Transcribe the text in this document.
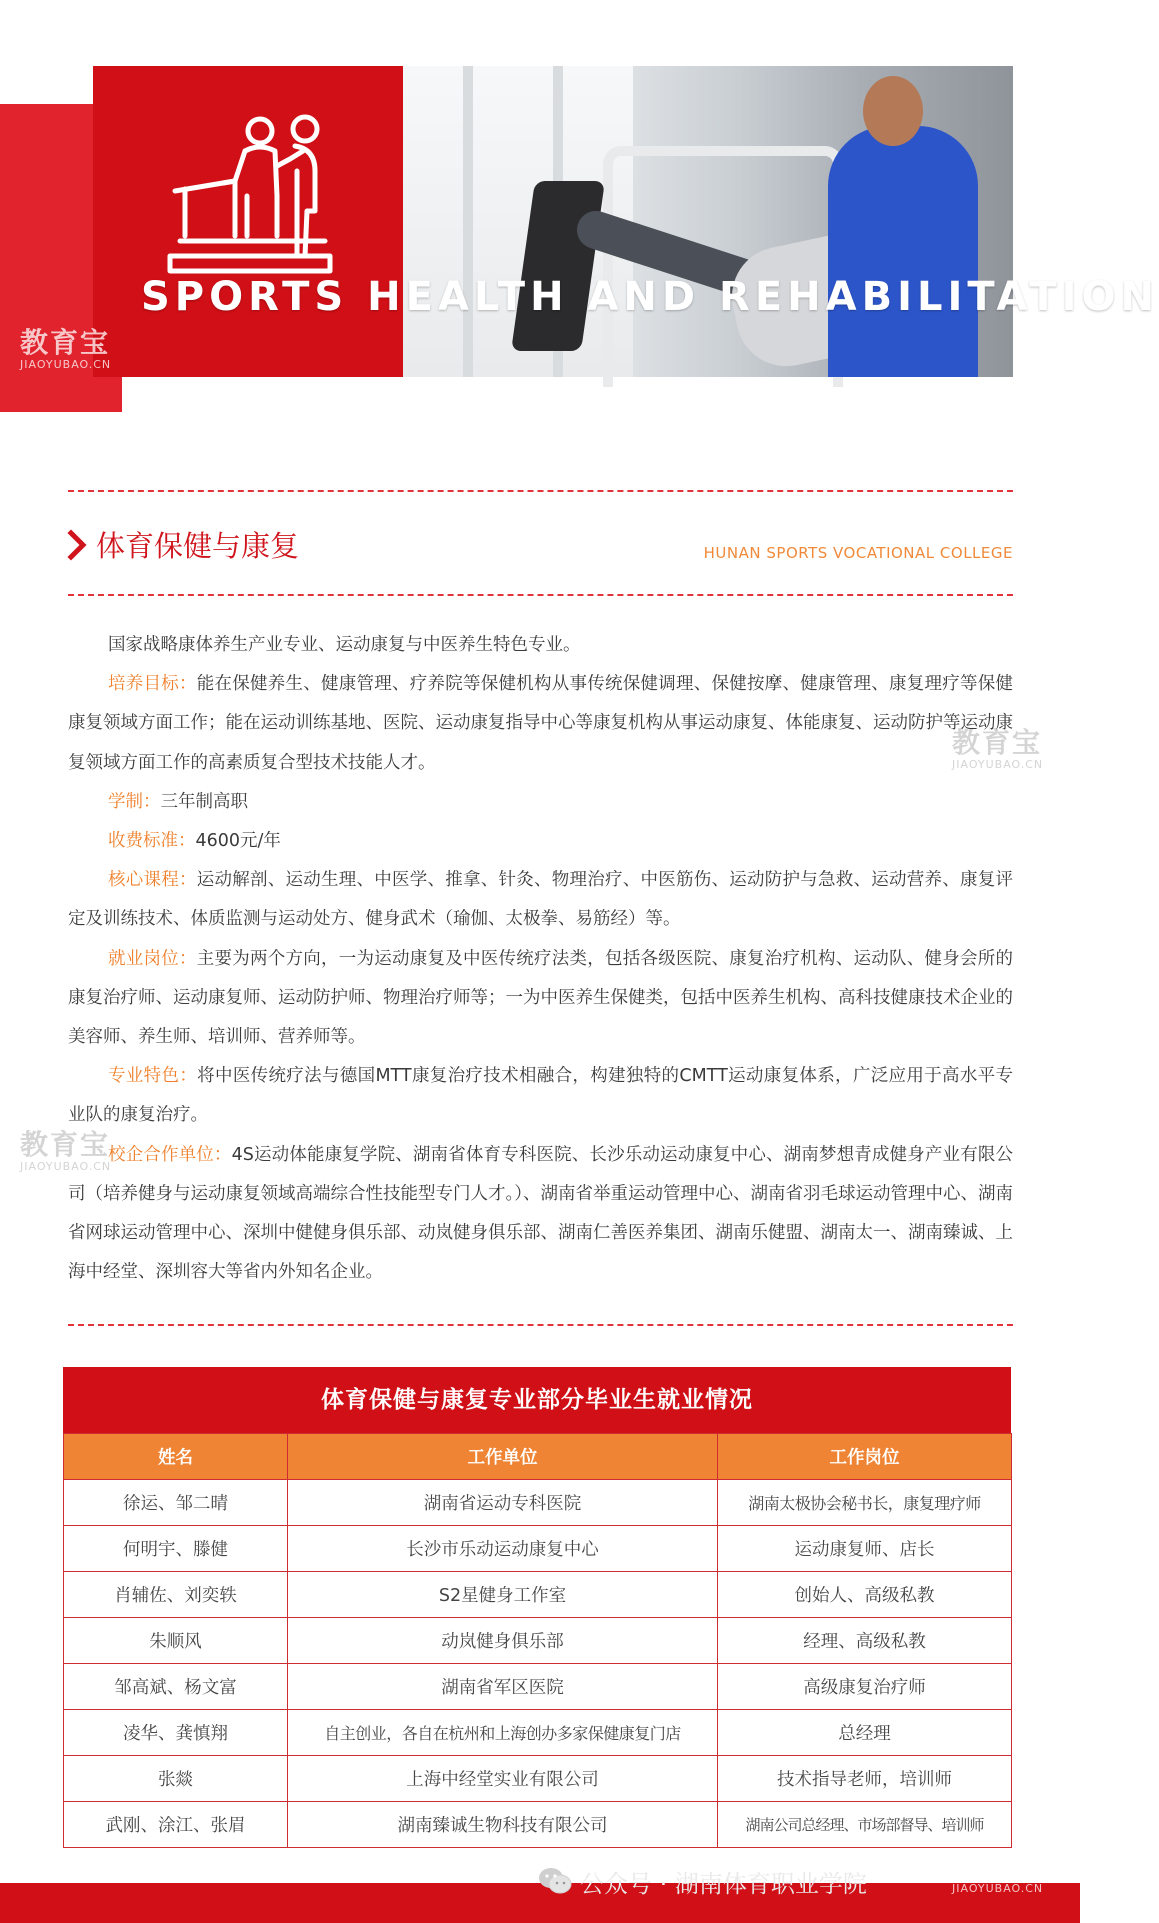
SPORTS HEALTH AND REHABILITATION
教育宝
JIAOYUBAO.CN
教育宝
JIAOYUBAO.CN
教育宝
JIAOYUBAO.CN
体育保健与康复	HUNAN SPORTS VOCATIONAL COLLEGE

国家战略康体养生产业专业、运动康复与中医养生特色专业。

培养目标：能在保健养生、健康管理、疗养院等保健机构从事传统保健调理、保健按摩、健康管理、康复理疗等保健康复领域方面工作；能在运动训练基地、医院、运动康复指导中心等康复机构从事运动康复、体能康复、运动防护等运动康复领域方面工作的高素质复合型技术技能人才。

学制：三年制高职

收费标准：4600元/年

核心课程：运动解剖、运动生理、中医学、推拿、针灸、物理治疗、中医筋伤、运动防护与急救、运动营养、康复评定及训练技术、体质监测与运动处方、健身武术（瑜伽、太极拳、易筋经）等。

就业岗位：主要为两个方向，一为运动康复及中医传统疗法类，包括各级医院、康复治疗机构、运动队、健身会所的康复治疗师、运动康复师、运动防护师、物理治疗师等；一为中医养生保健类，包括中医养生机构、高科技健康技术企业的美容师、养生师、培训师、营养师等。

专业特色：将中医传统疗法与德国MTT康复治疗技术相融合，构建独特的CMTT运动康复体系，广泛应用于高水平专业队的康复治疗。

校企合作单位：4S运动体能康复学院、湖南省体育专科医院、长沙乐动运动康复中心、湖南梦想青成健身产业有限公司（培养健身与运动康复领域高端综合性技能型专门人才。）、湖南省举重运动管理中心、湖南省羽毛球运动管理中心、湖南省网球运动管理中心、深圳中健健身俱乐部、动岚健身俱乐部、湖南仁善医养集团、湖南乐健盟、湖南太一、湖南臻诚、上海中经堂、深圳容大等省内外知名企业。

体育保健与康复专业部分毕业生就业情况
姓名	工作单位	工作岗位
徐运、邹二晴	湖南省运动专科医院	湖南太极协会秘书长，康复理疗师
何明宇、滕健	长沙市乐动运动康复中心	运动康复师、店长
肖辅佐、刘奕轶	S2星健身工作室	创始人、高级私教
朱顺风	动岚健身俱乐部	经理、高级私教
邹高斌、杨文富	湖南省军区医院	高级康复治疗师
凌华、龚慎翔	自主创业，各自在杭州和上海创办多家保健康复门店	总经理
张燚	上海中经堂实业有限公司	技术指导老师，培训师
武刚、涂江、张眉	湖南臻诚生物科技有限公司	湖南公司总经理、市场部督导、培训师
公众号 · 湖南体育职业学院
教育宝
JIAOYUBAO.CN
